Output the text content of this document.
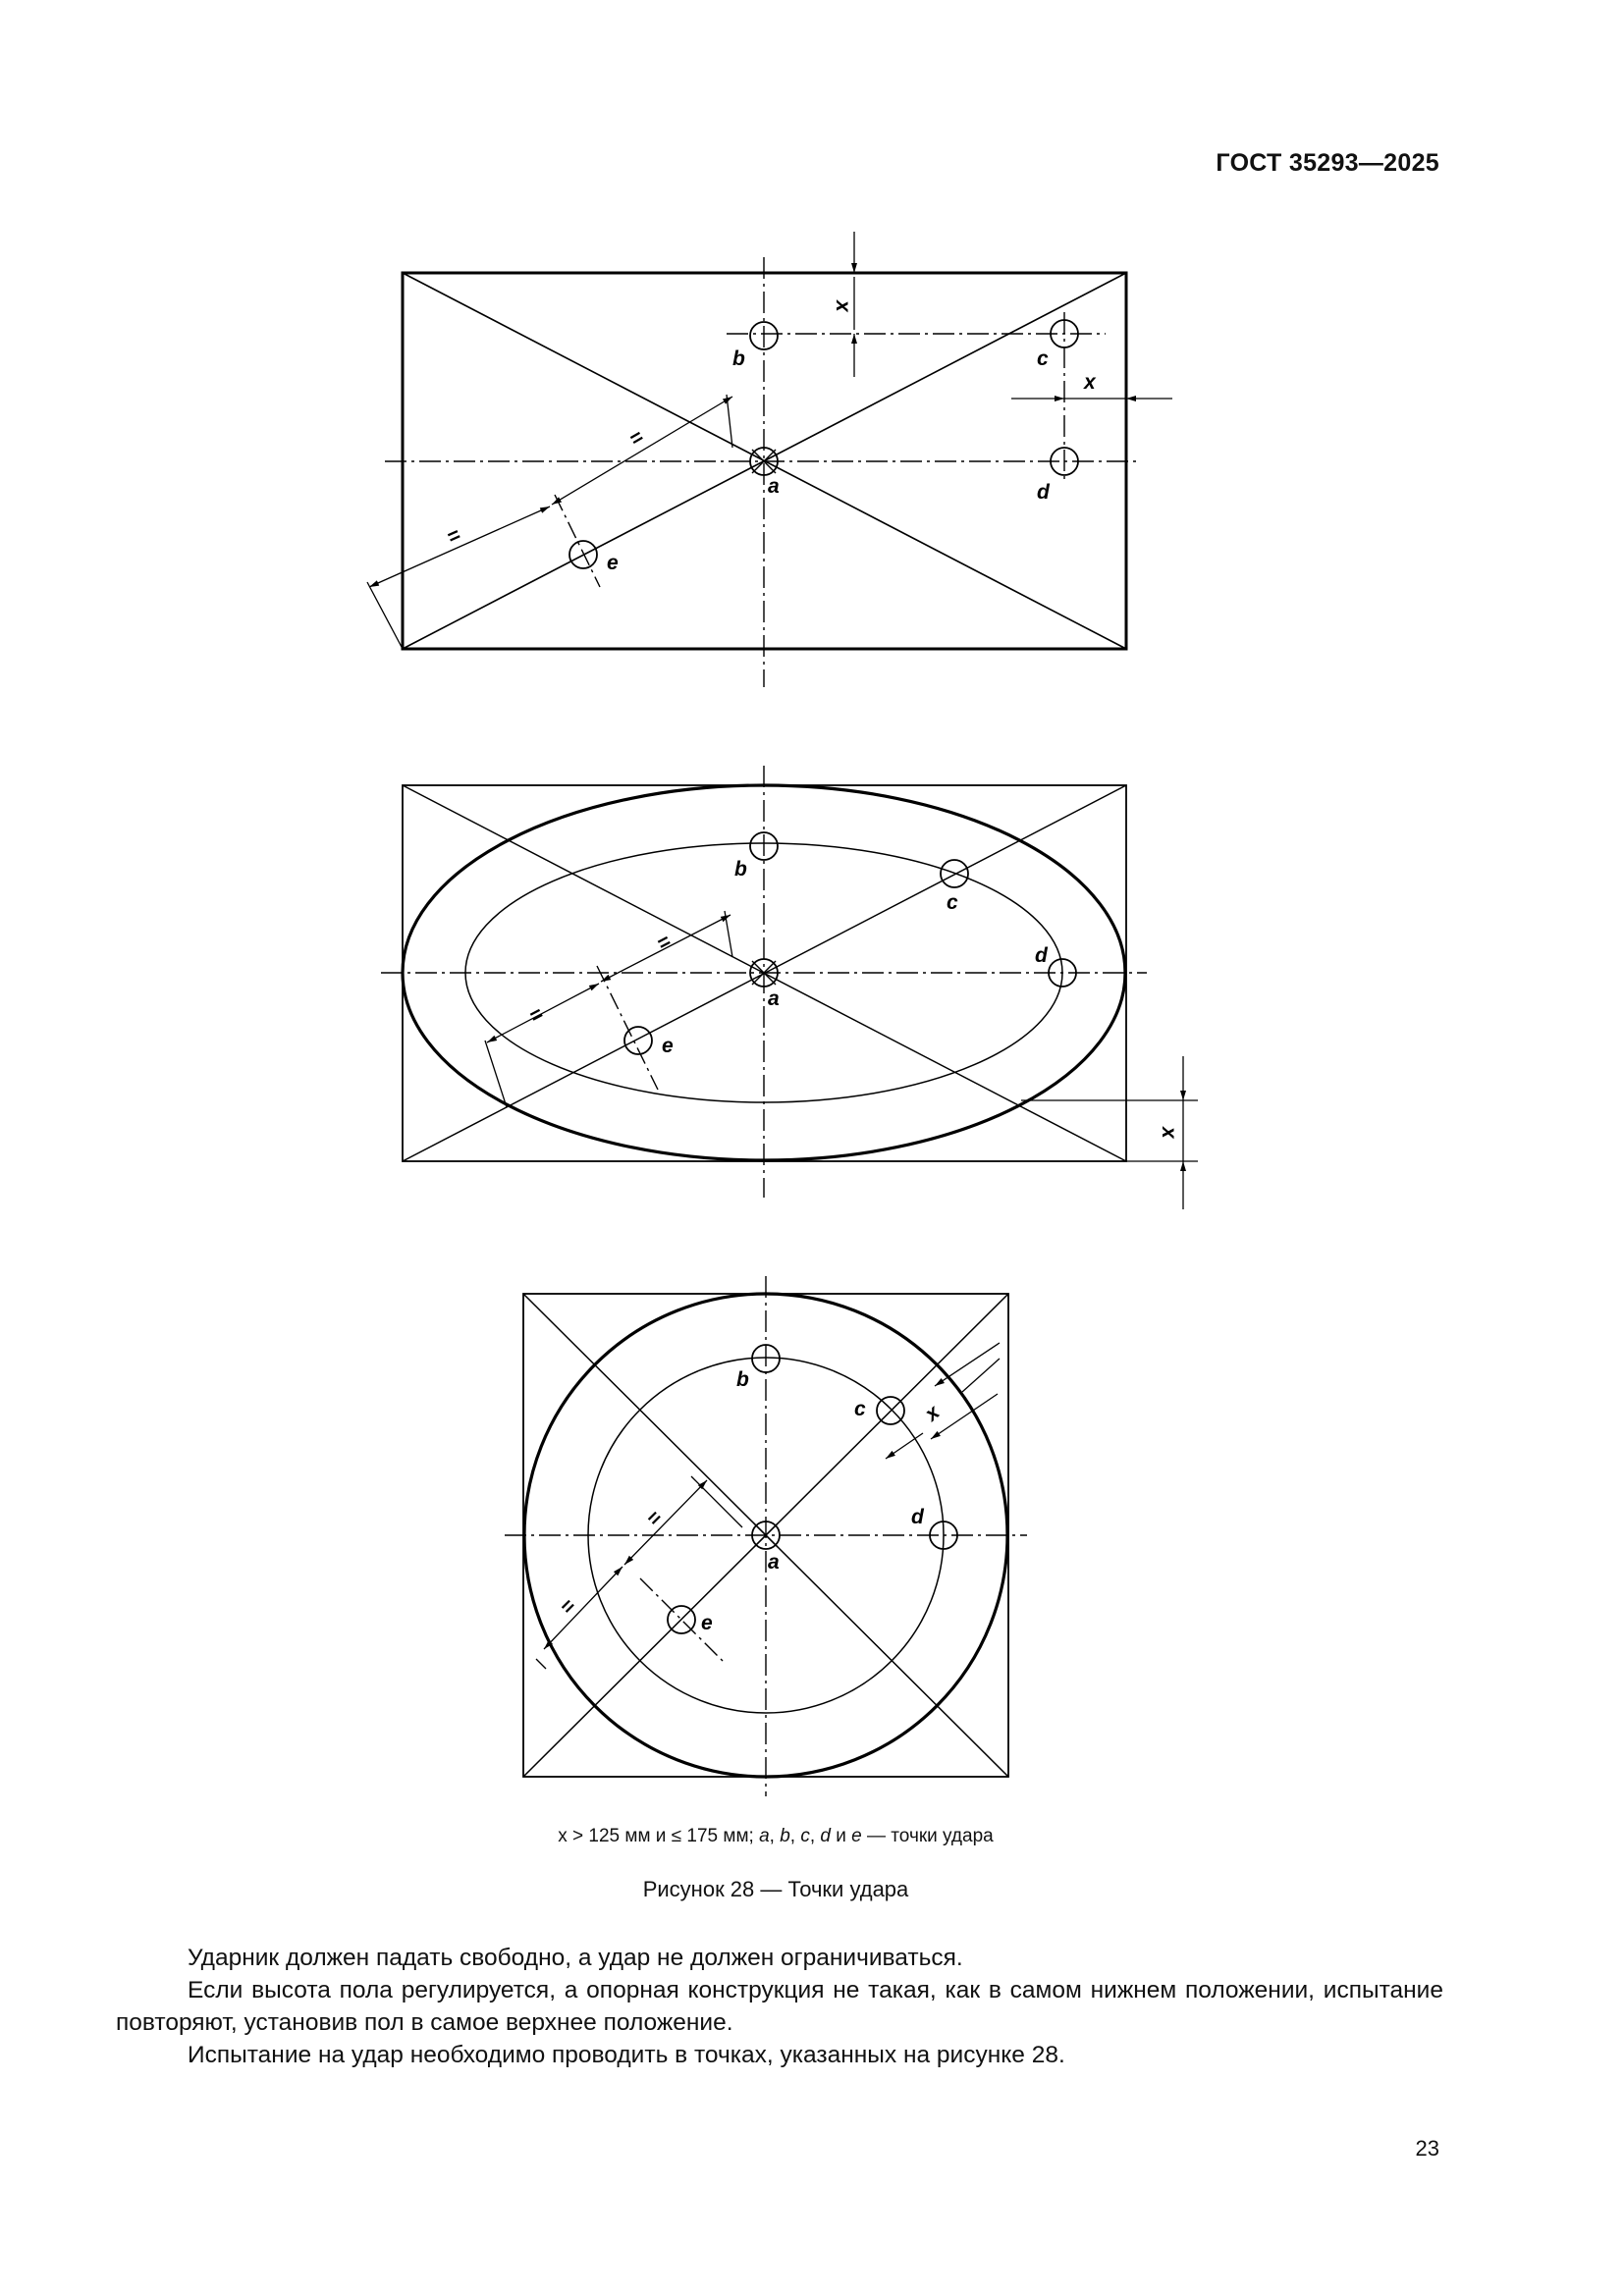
ГОСТ 35293—2025
b	c
d
a
e
x
x
=
=
b
c
d
a
e
x
=
=
b
c
d
a
e
x
=
=
x > 125 мм и ≤ 175 мм; a, b, c, d и e — точки удара
Рисунок 28 — Точки удара

Ударник должен падать свободно, а удар не должен ограничиваться.

Если высота пола регулируется, а опорная конструкция не такая, как в самом нижнем положении, испытание повторяют, установив пол в самое верхнее положение.

Испытание на удар необходимо проводить в точках, указанных на рисунке 28.

23
